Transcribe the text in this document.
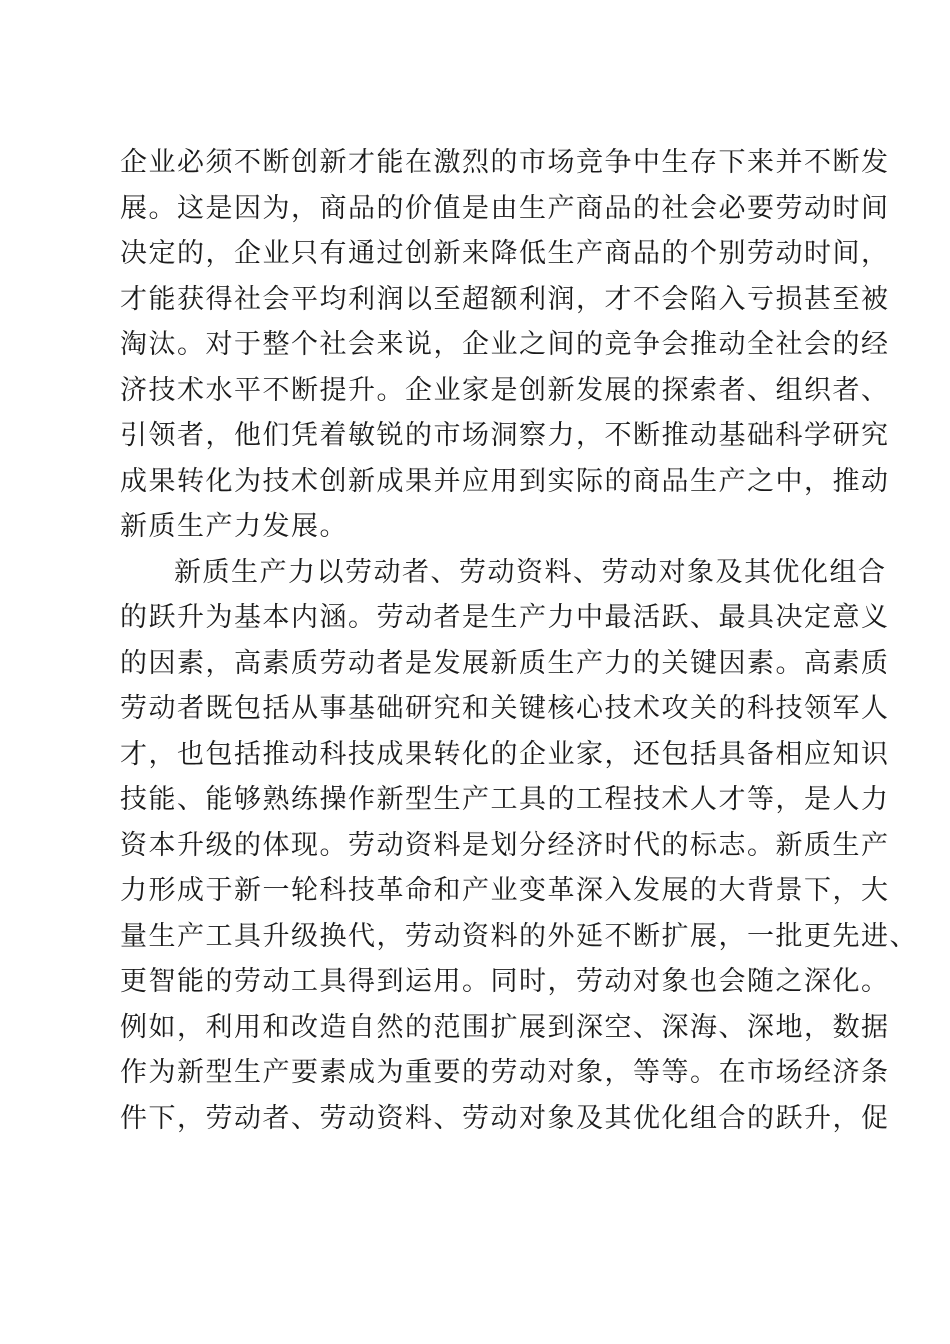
企业必须不断创新才能在激烈的市场竞争中生存下来并不断发
展。这是因为，商品的价值是由生产商品的社会必要劳动时间
决定的，企业只有通过创新来降低生产商品的个别劳动时间，
才能获得社会平均利润以至超额利润，才不会陷入亏损甚至被
淘汰。对于整个社会来说，企业之间的竞争会推动全社会的经
济技术水平不断提升。企业家是创新发展的探索者、组织者、
引领者，他们凭着敏锐的市场洞察力，不断推动基础科学研究
成果转化为技术创新成果并应用到实际的商品生产之中，推动
新质生产力发展。
新质生产力以劳动者、劳动资料、劳动对象及其优化组合
的跃升为基本内涵。劳动者是生产力中最活跃、最具决定意义
的因素，高素质劳动者是发展新质生产力的关键因素。高素质
劳动者既包括从事基础研究和关键核心技术攻关的科技领军人
才，也包括推动科技成果转化的企业家，还包括具备相应知识
技能、能够熟练操作新型生产工具的工程技术人才等，是人力
资本升级的体现。劳动资料是划分经济时代的标志。新质生产
力形成于新一轮科技革命和产业变革深入发展的大背景下，大
量生产工具升级换代，劳动资料的外延不断扩展，一批更先进、
更智能的劳动工具得到运用。同时，劳动对象也会随之深化。
例如，利用和改造自然的范围扩展到深空、深海、深地，数据
作为新型生产要素成为重要的劳动对象，等等。在市场经济条
件下，劳动者、劳动资料、劳动对象及其优化组合的跃升，促
